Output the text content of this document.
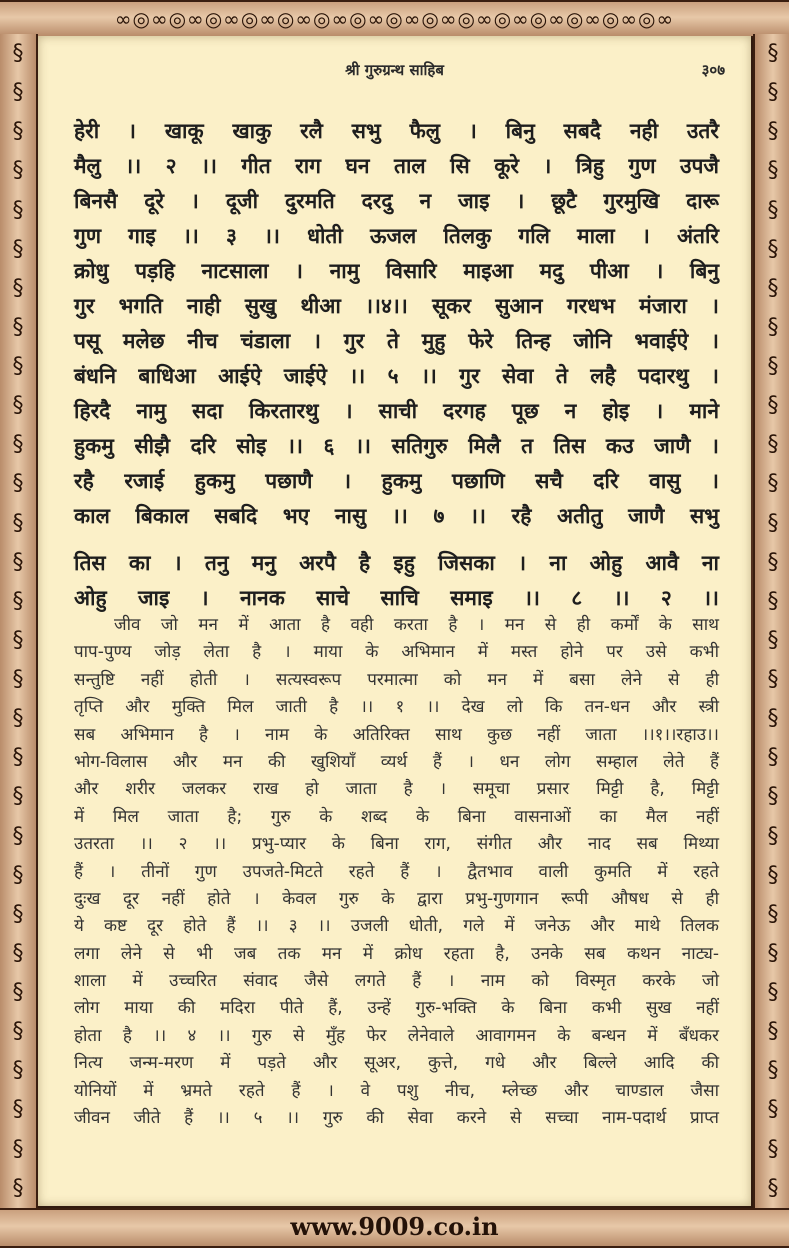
∞◎∞◎∞◎∞◎∞◎∞◎∞◎∞◎∞◎∞◎∞◎∞◎∞◎∞◎∞◎∞
§
§
§
§
§
§
§
§
§
§
§
§
§
§
§
§
§
§
§
§
§
§
§
§
§
§
§
§
§
§
§
§
§
§
§
§
§
§
§
§
§
§
§
§
§
§
§
§
§
§
§
§
§
§
§
§
§
§
§
§
श्री गुरुग्रन्थ साहिब	३०७
हेरी । खाकू खाकु रलै सभु फैलु । बिनु सबदै नही उतरै
मैलु ।। २ ।। गीत राग घन ताल सि कूरे । त्रिहु गुण उपजै
बिनसै दूरे । दूजी दुरमति दरदु न जाइ । छूटै गुरमुखि दारू
गुण गाइ ।। ३ ।। धोती ऊजल तिलकु गलि माला । अंतरि
क्रोधु पड़हि नाटसाला । नामु विसारि माइआ मदु पीआ । बिनु
गुर भगति नाही सुखु थीआ ।।४।। सूकर सुआन गरधभ मंजारा ।
पसू मलेछ नीच चंडाला । गुर ते मुहु फेरे तिन्ह जोनि भवाईऐ ।
बंधनि बाधिआ आईऐ जाईऐ ।। ५ ।। गुर सेवा ते लहै पदारथु ।
हिरदै नामु सदा किरतारथु । साची दरगह पूछ न होइ । माने
हुकमु सीझै दरि सोइ ।। ६ ।। सतिगुरु मिलै त तिस कउ जाणै ।
रहै रजाई हुकमु पछाणै । हुकमु पछाणि सचै दरि वासु ।
काल बिकाल सबदि भए नासु ।। ७ ।। रहै अतीतु जाणै सभु
तिस का । तनु मनु अरपै है इहु जिसका । ना ओहु आवै ना
ओहु जाइ । नानक साचे साचि समाइ ।। ८ ।। २ ।।
जीव जो मन में आता है वही करता है । मन से ही कर्मों के साथ
पाप-पुण्य जोड़ लेता है । माया के अभिमान में मस्त होने पर उसे कभी
सन्तुष्टि नहीं होती । सत्यस्वरूप परमात्मा को मन में बसा लेने से ही
तृप्ति और मुक्ति मिल जाती है ।। १ ।। देख लो कि तन-धन और स्त्री
सब अभिमान है । नाम के अतिरिक्त साथ कुछ नहीं जाता ।।१।।रहाउ।।
भोग-विलास और मन की खुशियाँ व्यर्थ हैं । धन लोग सम्हाल लेते हैं
और शरीर जलकर राख हो जाता है । समूचा प्रसार मिट्टी है, मिट्टी
में मिल जाता है; गुरु के शब्द के बिना वासनाओं का मैल नहीं
उतरता ।। २ ।। प्रभु-प्यार के बिना राग, संगीत और नाद सब मिथ्या
हैं । तीनों गुण उपजते-मिटते रहते हैं । द्वैतभाव वाली कुमति में रहते
दुःख दूर नहीं होते । केवल गुरु के द्वारा प्रभु-गुणगान रूपी औषध से ही
ये कष्ट दूर होते हैं ।। ३ ।। उजली धोती, गले में जनेऊ और माथे तिलक
लगा लेने से भी जब तक मन में क्रोध रहता है, उनके सब कथन नाट्य-
शाला में उच्चरित संवाद जैसे लगते हैं । नाम को विस्मृत करके जो
लोग माया की मदिरा पीते हैं, उन्हें गुरु-भक्ति के बिना कभी सुख नहीं
होता है ।। ४ ।। गुरु से मुँह फेर लेनेवाले आवागमन के बन्धन में बँधकर
नित्य जन्म-मरण में पड़ते और सूअर, कुत्ते, गधे और बिल्ले आदि की
योनियों में भ्रमते रहते हैं । वे पशु नीच, म्लेच्छ और चाण्डाल जैसा
जीवन जीते हैं ।। ५ ।। गुरु की सेवा करने से सच्चा नाम-पदार्थ प्राप्त
www.9009.co.in
